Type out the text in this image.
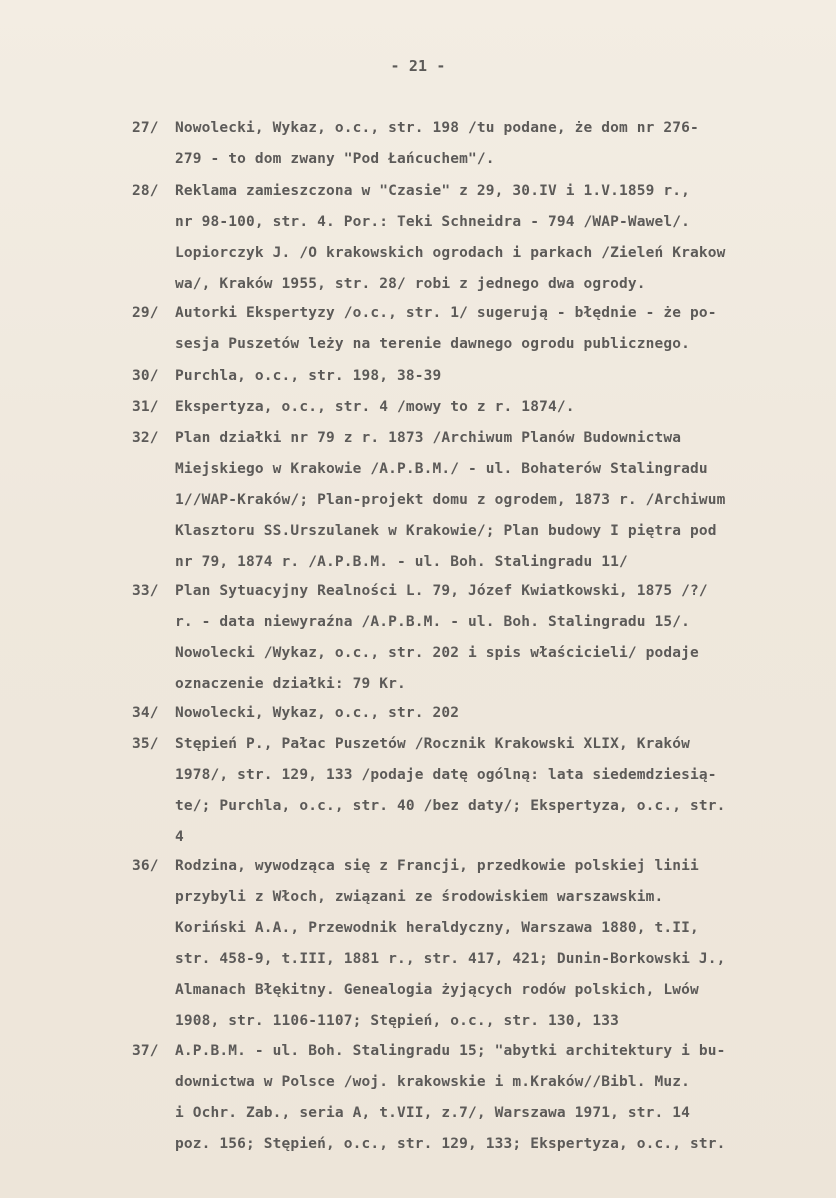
- 21 -
27/ Nowolecki, Wykaz, o.c., str. 198 /tu podane, że dom nr 276-
279 - to dom zwany "Pod Łańcuchem"/.
28/ Reklama zamieszczona w "Czasie" z 29, 30.IV i 1.V.1859 r.,
nr 98-100, str. 4. Por.: Teki Schneidra - 794 /WAP-Wawel/.
Lopiorczyk J. /O krakowskich ogrodach i parkach /Zieleń Krakow
wa/, Kraków 1955, str. 28/ robi z jednego dwa ogrody.
29/ Autorki Ekspertyzy /o.c., str. 1/ sugerują - błędnie - że po-
sesja Puszetów leży na terenie dawnego ogrodu publicznego.
30/ Purchla, o.c., str. 198, 38-39
31/ Ekspertyza, o.c., str. 4 /mowy to z r. 1874/.
32/ Plan działki nr 79 z r. 1873 /Archiwum Planów Budownictwa
Miejskiego w Krakowie /A.P.B.M./ - ul. Bohaterów Stalingradu
1//WAP-Kraków/; Plan-projekt domu z ogrodem, 1873 r. /Archiwum
Klasztoru SS.Urszulanek w Krakowie/; Plan budowy I piętra pod
nr 79, 1874 r. /A.P.B.M. - ul. Boh. Stalingradu 11/
33/ Plan Sytuacyjny Realności L. 79, Józef Kwiatkowski, 1875 /?/
r. - data niewyraźna /A.P.B.M. - ul. Boh. Stalingradu 15/.
Nowolecki /Wykaz, o.c., str. 202 i spis właścicieli/ podaje
oznaczenie działki: 79 Kr.
34/ Nowolecki, Wykaz, o.c., str. 202
35/ Stępień P., Pałac Puszetów /Rocznik Krakowski XLIX, Kraków
1978/, str. 129, 133 /podaje datę ogólną: lata siedemdziesią-
te/; Purchla, o.c., str. 40 /bez daty/; Ekspertyza, o.c., str.
4
36/ Rodzina, wywodząca się z Francji, przedkowie polskiej linii
przybyli z Włoch, związani ze środowiskiem warszawskim.
Koriński A.A., Przewodnik heraldyczny, Warszawa 1880, t.II,
str. 458-9, t.III, 1881 r., str. 417, 421; Dunin-Borkowski J.,
Almanach Błękitny. Genealogia żyjących rodów polskich, Lwów
1908, str. 1106-1107; Stępień, o.c., str. 130, 133
37/ A.P.B.M. - ul. Boh. Stalingradu 15; "abytki architektury i bu-
downictwa w Polsce /woj. krakowskie i m.Kraków//Bibl. Muz.
i Ochr. Zab., seria A, t.VII, z.7/, Warszawa 1971, str. 14
poz. 156; Stępień, o.c., str. 129, 133; Ekspertyza, o.c., str.
